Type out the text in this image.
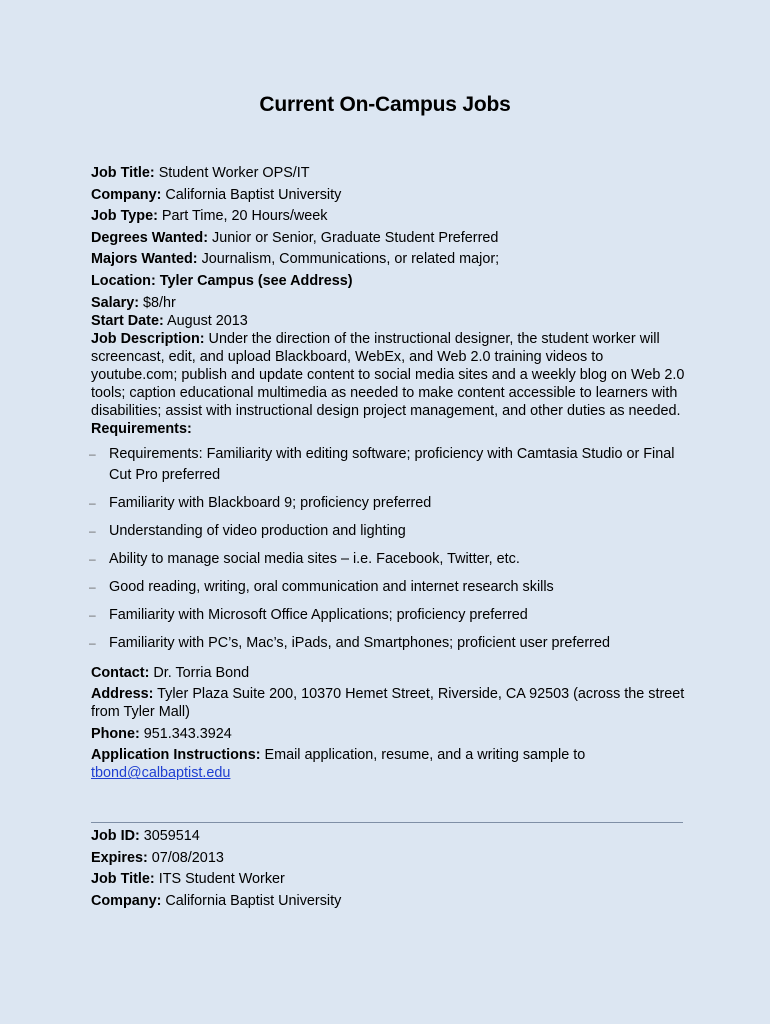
Current On-Campus Jobs
Job Title: Student Worker OPS/IT
Company: California Baptist University
Job Type: Part Time, 20 Hours/week
Degrees Wanted: Junior or Senior, Graduate Student Preferred
Majors Wanted: Journalism, Communications, or related major;
Location: Tyler Campus (see Address)
Salary: $8/hr
Start Date: August 2013
Job Description: Under the direction of the instructional designer, the student worker will screencast, edit, and upload Blackboard, WebEx, and Web 2.0 training videos to youtube.com; publish and update content to social media sites and a weekly blog on Web 2.0 tools; caption educational multimedia as needed to make content accessible to learners with disabilities; assist with instructional design project management, and other duties as needed.
Requirements:
– Requirements: Familiarity with editing software; proficiency with Camtasia Studio or Final Cut Pro preferred
– Familiarity with Blackboard 9; proficiency preferred
– Understanding of video production and lighting
– Ability to manage social media sites – i.e. Facebook, Twitter, etc.
– Good reading, writing, oral communication and internet research skills
– Familiarity with Microsoft Office Applications; proficiency preferred
– Familiarity with PC’s, Mac’s, iPads, and Smartphones; proficient user preferred
Contact: Dr. Torria Bond
Address: Tyler Plaza Suite 200, 10370 Hemet Street, Riverside, CA 92503 (across the street from Tyler Mall)
Phone: 951.343.3924
Application Instructions: Email application, resume, and a writing sample to
tbond@calbaptist.edu
Job ID: 3059514
Expires: 07/08/2013
Job Title: ITS Student Worker
Company: California Baptist University
